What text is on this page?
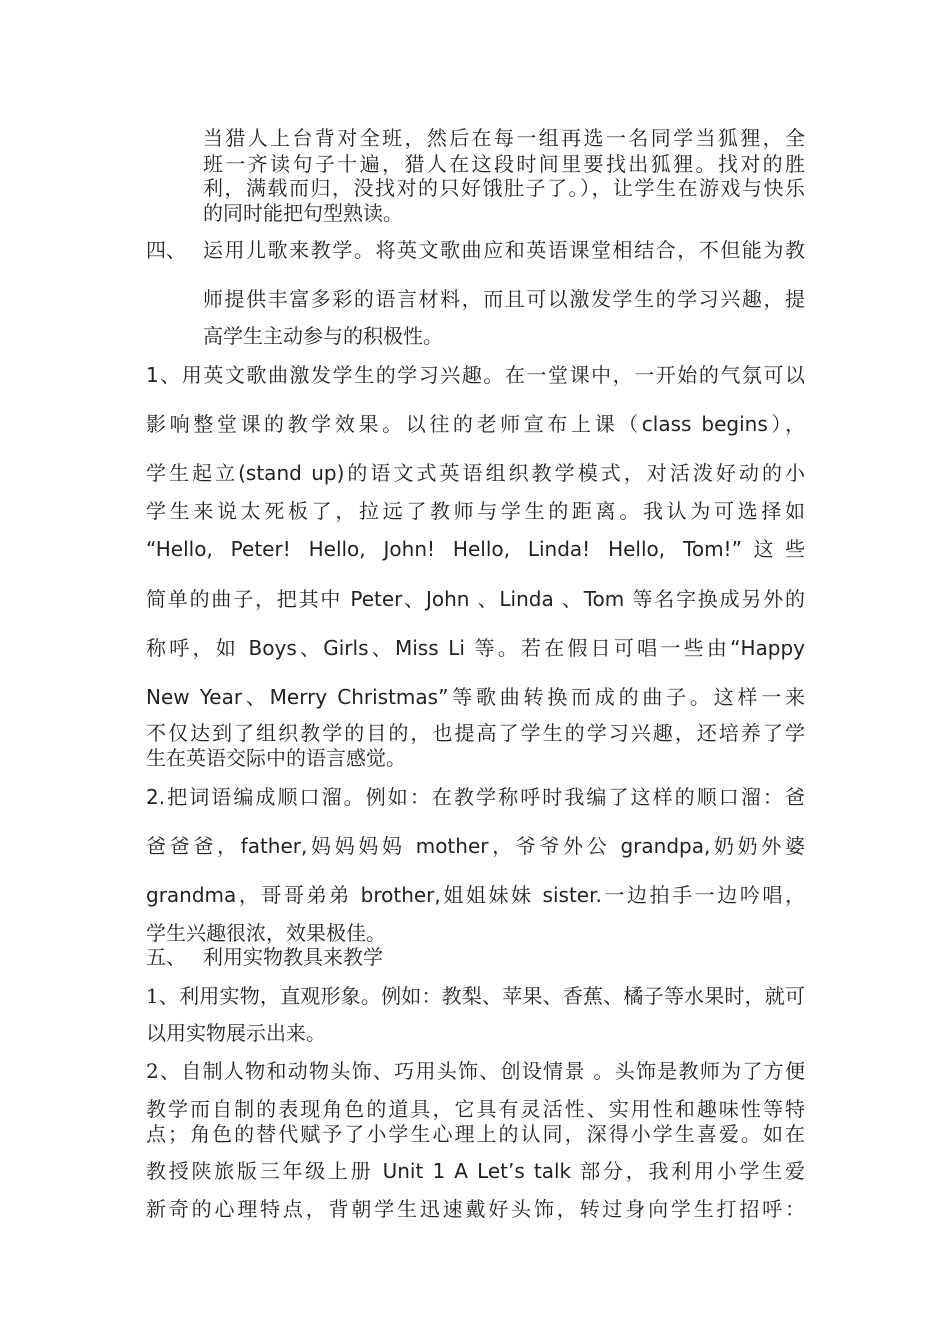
当猎人上台背对全班，然后在每一组再选一名同学当狐狸，全
班一齐读句子十遍，猎人在这段时间里要找出狐狸。找对的胜
利，满载而归，没找对的只好饿肚子了。），让学生在游戏与快乐
的同时能把句型熟读。
四、 运用儿歌来教学。将英文歌曲应和英语课堂相结合，不但能为教
师提供丰富多彩的语言材料，而且可以激发学生的学习兴趣，提
高学生主动参与的积极性。
1、用英文歌曲激发学生的学习兴趣。在一堂课中，一开始的气氛可以
影响整堂课的教学效果。以往的老师宣布上课（class begins），
学生起立(stand up)的语文式英语组织教学模式，对活泼好动的小
学生来说太死板了，拉远了教师与学生的距离。我认为可选择如
“Hello, Peter! Hello, John! Hello, Linda! Hello, Tom!”这些
简单的曲子，把其中 Peter、John 、Linda 、Tom 等名字换成另外的
称呼，如 Boys、Girls、Miss Li 等。若在假日可唱一些由“Happy
New Year、Merry Christmas”等歌曲转换而成的曲子。这样一来
不仅达到了组织教学的目的，也提高了学生的学习兴趣，还培养了学
生在英语交际中的语言感觉。
2.把词语编成顺口溜。例如：在教学称呼时我编了这样的顺口溜：爸
爸爸爸，father,妈妈妈妈 mother，爷爷外公 grandpa,奶奶外婆
grandma，哥哥弟弟 brother,姐姐妹妹 sister.一边拍手一边吟唱，
学生兴趣很浓，效果极佳。
五、 利用实物教具来教学
1、利用实物，直观形象。例如：教梨、苹果、香蕉、橘子等水果时，就可
以用实物展示出来。
2、自制人物和动物头饰、巧用头饰、创设情景 。头饰是教师为了方便
教学而自制的表现角色的道具，它具有灵活性、实用性和趣味性等特
点；角色的替代赋予了小学生心理上的认同，深得小学生喜爱。如在
教授陕旅版三年级上册 Unit 1 A Let’s talk 部分，我利用小学生爱
新奇的心理特点，背朝学生迅速戴好头饰，转过身向学生打招呼：
